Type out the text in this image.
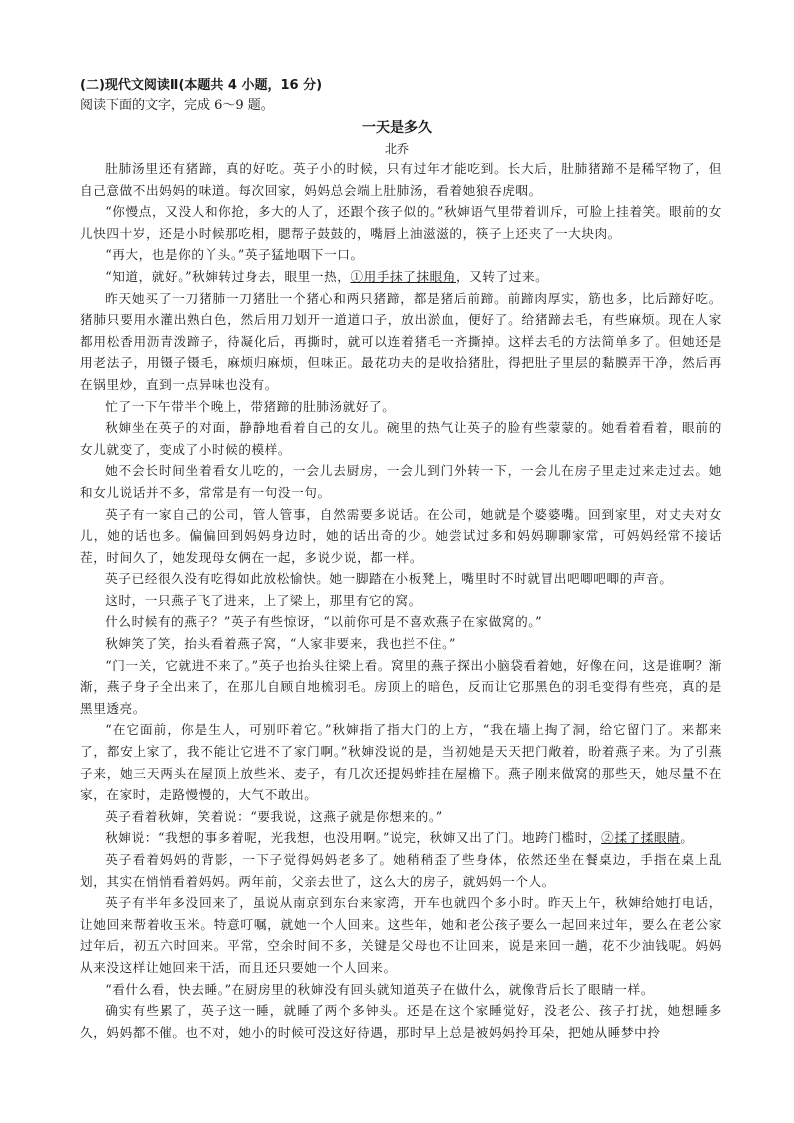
(二)现代文阅读Ⅱ(本题共 4 小题，16 分)
阅读下面的文字，完成 6～9 题。
一天是多久
北乔

肚肺汤里还有猪蹄，真的好吃。英子小的时候，只有过年才能吃到。长大后，肚肺猪蹄不是稀罕物了，但自己意做不出妈妈的味道。每次回家，妈妈总会端上肚肺汤，看着她狼吞虎咽。

“你慢点，又没人和你抢，多大的人了，还跟个孩子似的。”秋婶语气里带着训斥，可脸上挂着笑。眼前的女儿快四十岁，还是小时候那吃相，腮帮子鼓鼓的，嘴唇上油滋滋的，筷子上还夹了一大块肉。

“再大，也是你的丫头。”英子猛地咽下一口。

“知道，就好。”秋婶转过身去，眼里一热，①用手抹了抹眼角，又转了过来。

昨天她买了一刀猪肺一刀猪肚一个猪心和两只猪蹄，都是猪后前蹄。前蹄肉厚实，筋也多，比后蹄好吃。猪肺只要用水灌出熟白色，然后用刀划开一道道口子，放出淤血，便好了。给猪蹄去毛，有些麻烦。现在人家都用松香用沥青泼蹄子，待凝化后，再撕时，就可以连着猪毛一齐撕掉。这样去毛的方法简单多了。但她还是用老法子，用镊子镊毛，麻烦归麻烦，但味正。最花功夫的是收拾猪肚，得把肚子里层的黏膜弄干净，然后再在锅里炒，直到一点异味也没有。

忙了一下午带半个晚上，带猪蹄的肚肺汤就好了。

秋婶坐在英子的对面，静静地看着自己的女儿。碗里的热气让英子的脸有些蒙蒙的。她看着看着，眼前的女儿就变了，变成了小时候的模样。

她不会长时间坐着看女儿吃的，一会儿去厨房，一会儿到门外转一下，一会儿在房子里走过来走过去。她和女儿说话并不多，常常是有一句没一句。

英子有一家自己的公司，管人管事，自然需要多说话。在公司，她就是个婆婆嘴。回到家里，对丈夫对女儿，她的话也多。偏偏回到妈妈身边时，她的话出奇的少。她尝试过多和妈妈聊聊家常，可妈妈经常不接话茬，时间久了，她发现母女俩在一起，多说少说，都一样。

英子已经很久没有吃得如此放松愉快。她一脚踏在小板凳上，嘴里时不时就冒出吧唧吧唧的声音。

这时，一只燕子飞了进来，上了梁上，那里有它的窝。

什么时候有的燕子？”英子有些惊讶，“以前你可是不喜欢燕子在家做窝的。”

秋婶笑了笑，抬头看着燕子窝，“人家非要来，我也拦不住。”

“门一关，它就进不来了。”英子也抬头往梁上看。窝里的燕子探出小脑袋看着她，好像在问，这是谁啊？渐渐，燕子身子全出来了，在那儿自顾自地梳羽毛。房顶上的暗色，反而让它那黑色的羽毛变得有些亮，真的是黑里透亮。

“在它面前，你是生人，可别吓着它。”秋婶指了指大门的上方，“我在墙上掏了洞，给它留门了。来都来了，都安上家了，我不能让它进不了家门啊。”秋婶没说的是，当初她是天天把门敞着，盼着燕子来。为了引燕子来，她三天两头在屋顶上放些米、麦子，有几次还提妈蚱挂在屋檐下。燕子刚来做窝的那些天，她尽量不在家，在家时，走路慢慢的，大气不敢出。

英子看着秋婶，笑着说：“要我说，这燕子就是你想来的。”

秋婶说：“我想的事多着呢，光我想，也没用啊。”说完，秋婶又出了门。地跨门槛时，②揉了揉眼睛。

英子看着妈妈的背影，一下子觉得妈妈老多了。她稍稍歪了些身体，依然还坐在餐桌边，手指在桌上乱划，其实在悄悄看着妈妈。两年前，父亲去世了，这么大的房子，就妈妈一个人。

英子有半年多没回来了，虽说从南京到东台来家湾，开车也就四个多小时。昨天上午，秋婶给她打电话，让她回来帮着收玉米。特意叮嘱，就她一个人回来。这些年，她和老公孩子要么一起回来过年，要么在老公家过年后，初五六时回来。平常，空余时间不多，关键是父母也不让回来，说是来回一趟，花不少油钱呢。妈妈从来没这样让她回来干活，而且还只要她一个人回来。

“看什么看，快去睡。”在厨房里的秋婶没有回头就知道英子在做什么，就像背后长了眼睛一样。

确实有些累了，英子这一睡，就睡了两个多钟头。还是在这个家睡觉好，没老公、孩子打扰，她想睡多久，妈妈都不催。也不对，她小的时候可没这好待遇，那时早上总是被妈妈拎耳朵，把她从睡梦中拎
